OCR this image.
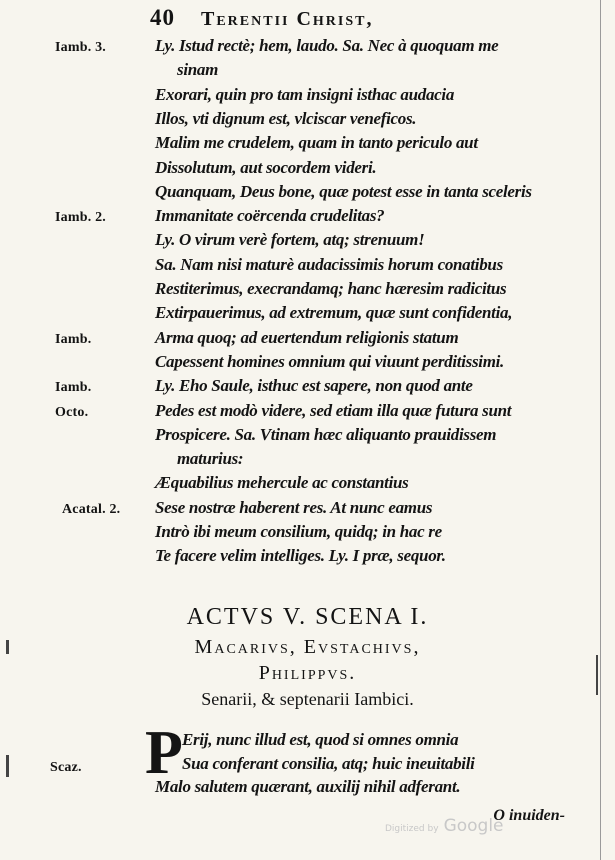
40 Terentii Christ,
Ly. Istud rectè; hem, laudo. Sa. Nec à quoquam me
sinam
Exorari, quin pro tam insigni isthac audacia
Illos, vti dignum est, vlciscar veneficos.
Malim me crudelem, quam in tanto periculo aut
Dissolutum, aut socordem videri.
Quanquam, Deus bone, quæ potest esse in tanta sceleris
Immanitate coërcenda crudelitas?
Ly. O virum verè fortem, atq; strenuum!
Sa. Nam nisi maturè audacissimis horum conatibus
Restiterimus, execrandamq; hanc hæresim radicitus
Extirpauerimus, ad extremum, quæ sunt confidentia,
Arma quoq; ad euertendum religionis statum
Capessent homines omnium qui viuunt perditissimi.
Ly. Eho Saule, isthuc est sapere, non quod ante
Pedes est modò videre, sed etiam illa quæ futura sunt
Prospicere. Sa. Vtinam hæc aliquanto prauidissem
maturius:
Æquabilius mehercule ac constantius
Sese nostræ haberent res. At nunc eamus
Intrò ibi meum consilium, quidq; in hac re
Te facere velim intelliges. Ly. I præ, sequor.
Iamb. 3.
Iamb. 2.
Iamb.
Iamb.
Octo.
Acatal. 2.
Scaz.
ACTVS V. SCENA I.
Macarivs, Evstachivs,
Philippvs.
Senarii, & septenarii Iambici.
P Erij, nunc illud est, quod si omnes omnia
Sua conferant consilia, atq; huic ineuitabili
Malo salutem quærant, auxilij nihil adferant.
O inuiden-
Digitized by Google
